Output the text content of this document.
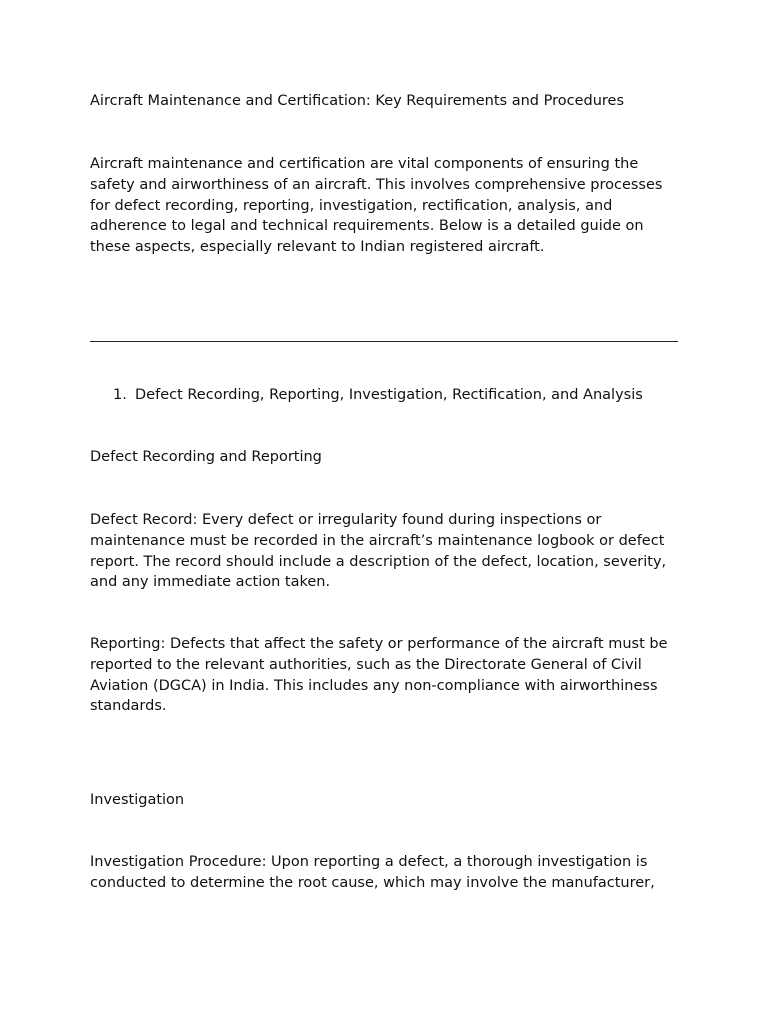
Aircraft Maintenance and Certification: Key Requirements and Procedures

Aircraft maintenance and certification are vital components of ensuring the safety and airworthiness of an aircraft. This involves comprehensive processes for defect recording, reporting, investigation, rectification, analysis, and adherence to legal and technical requirements. Below is a detailed guide on these aspects, especially relevant to Indian registered aircraft.

1. Defect Recording, Reporting, Investigation, Rectification, and Analysis

Defect Recording and Reporting

Defect Record: Every defect or irregularity found during inspections or maintenance must be recorded in the aircraft’s maintenance logbook or defect report. The record should include a description of the defect, location, severity, and any immediate action taken.

Reporting: Defects that affect the safety or performance of the aircraft must be reported to the relevant authorities, such as the Directorate General of Civil Aviation (DGCA) in India. This includes any non-compliance with airworthiness standards.

Investigation

Investigation Procedure: Upon reporting a defect, a thorough investigation is conducted to determine the root cause, which may involve the manufacturer,
